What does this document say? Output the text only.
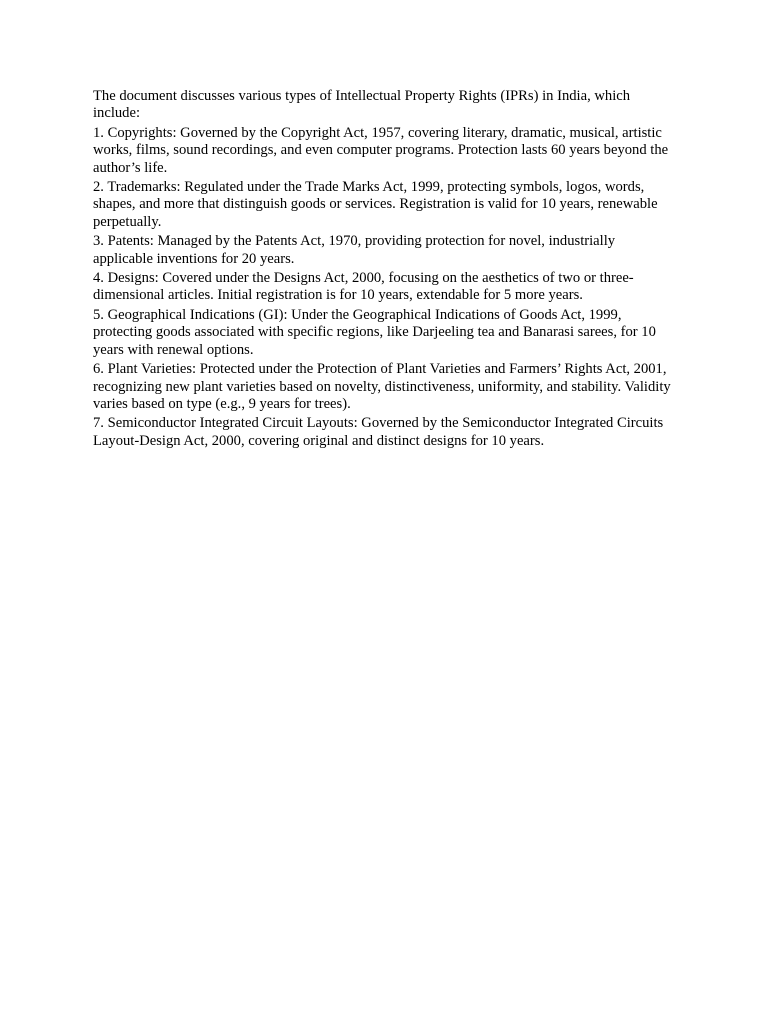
The document discusses various types of Intellectual Property Rights (IPRs) in India, which include:

1. Copyrights: Governed by the Copyright Act, 1957, covering literary, dramatic, musical, artistic works, films, sound recordings, and even computer programs. Protection lasts 60 years beyond the author’s life.

2. Trademarks: Regulated under the Trade Marks Act, 1999, protecting symbols, logos, words, shapes, and more that distinguish goods or services. Registration is valid for 10 years, renewable perpetually.

3. Patents: Managed by the Patents Act, 1970, providing protection for novel, industrially applicable inventions for 20 years.

4. Designs: Covered under the Designs Act, 2000, focusing on the aesthetics of two or three-dimensional articles. Initial registration is for 10 years, extendable for 5 more years.

5. Geographical Indications (GI): Under the Geographical Indications of Goods Act, 1999, protecting goods associated with specific regions, like Darjeeling tea and Banarasi sarees, for 10 years with renewal options.

6. Plant Varieties: Protected under the Protection of Plant Varieties and Farmers’ Rights Act, 2001, recognizing new plant varieties based on novelty, distinctiveness, uniformity, and stability. Validity varies based on type (e.g., 9 years for trees).

7. Semiconductor Integrated Circuit Layouts: Governed by the Semiconductor Integrated Circuits Layout-Design Act, 2000, covering original and distinct designs for 10 years.
